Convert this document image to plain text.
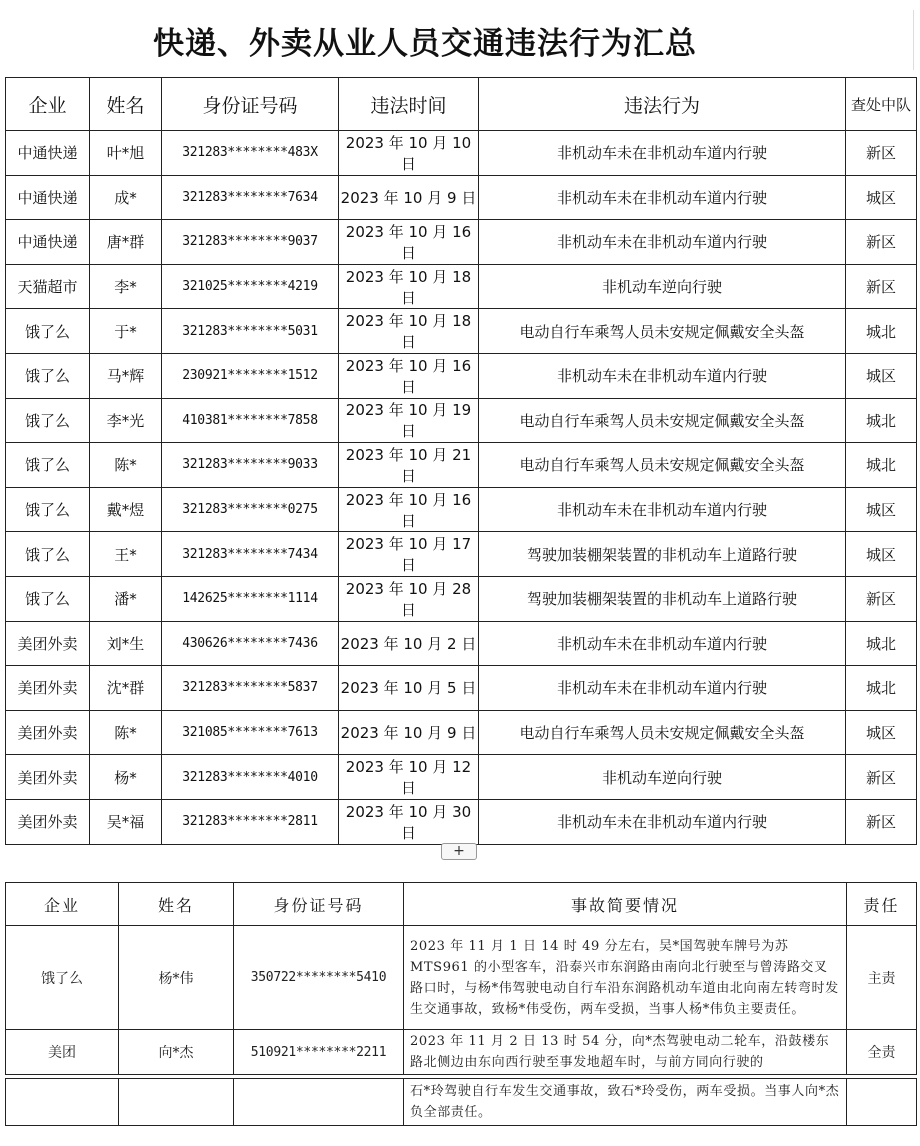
快递、外卖从业人员交通违法行为汇总
企业	姓名	身份证号码	违法时间	违法行为	查处中队
中通快递	叶*旭	321283********483X	2023 年 10 月 10 日	非机动车未在非机动车道内行驶	新区
中通快递	成*	321283********7634	2023 年 10 月 9 日	非机动车未在非机动车道内行驶	城区
中通快递	唐*群	321283********9037	2023 年 10 月 16 日	非机动车未在非机动车道内行驶	新区
天猫超市	李*	321025********4219	2023 年 10 月 18 日	非机动车逆向行驶	新区
饿了么	于*	321283********5031	2023 年 10 月 18 日	电动自行车乘驾人员未安规定佩戴安全头盔	城北
饿了么	马*辉	230921********1512	2023 年 10 月 16 日	非机动车未在非机动车道内行驶	城区
饿了么	李*光	410381********7858	2023 年 10 月 19 日	电动自行车乘驾人员未安规定佩戴安全头盔	城北
饿了么	陈*	321283********9033	2023 年 10 月 21 日	电动自行车乘驾人员未安规定佩戴安全头盔	城北
饿了么	戴*煜	321283********0275	2023 年 10 月 16 日	非机动车未在非机动车道内行驶	城区
饿了么	王*	321283********7434	2023 年 10 月 17 日	驾驶加装棚架装置的非机动车上道路行驶	城区
饿了么	潘*	142625********1114	2023 年 10 月 28 日	驾驶加装棚架装置的非机动车上道路行驶	新区
美团外卖	刘*生	430626********7436	2023 年 10 月 2 日	非机动车未在非机动车道内行驶	城北
美团外卖	沈*群	321283********5837	2023 年 10 月 5 日	非机动车未在非机动车道内行驶	城北
美团外卖	陈*	321085********7613	2023 年 10 月 9 日	电动自行车乘驾人员未安规定佩戴安全头盔	城区
美团外卖	杨*	321283********4010	2023 年 10 月 12 日	非机动车逆向行驶	新区
美团外卖	吴*福	321283********2811	2023 年 10 月 30 日	非机动车未在非机动车道内行驶	新区
+
企业	姓名	身份证号码	事故简要情况	责任
饿了么	杨*伟	350722********5410	2023 年 11 月 1 日 14 时 49 分左右，吴*国驾驶车牌号为苏MTS961 的小型客车，沿泰兴市东润路由南向北行驶至与曾涛路交叉路口时，与杨*伟驾驶电动自行车沿东润路机动车道由北向南左转弯时发生交通事故，致杨*伟受伤，两车受损，当事人杨*伟负主要责任。	主责
美团	向*杰	510921********2211	2023 年 11 月 2 日 13 时 54 分，向*杰驾驶电动二轮车，沿鼓楼东路北侧边由东向西行驶至事发地超车时，与前方同向行驶的	全责
			石*玲驾驶自行车发生交通事故，致石*玲受伤，两车受损。当事人向*杰负全部责任。	
